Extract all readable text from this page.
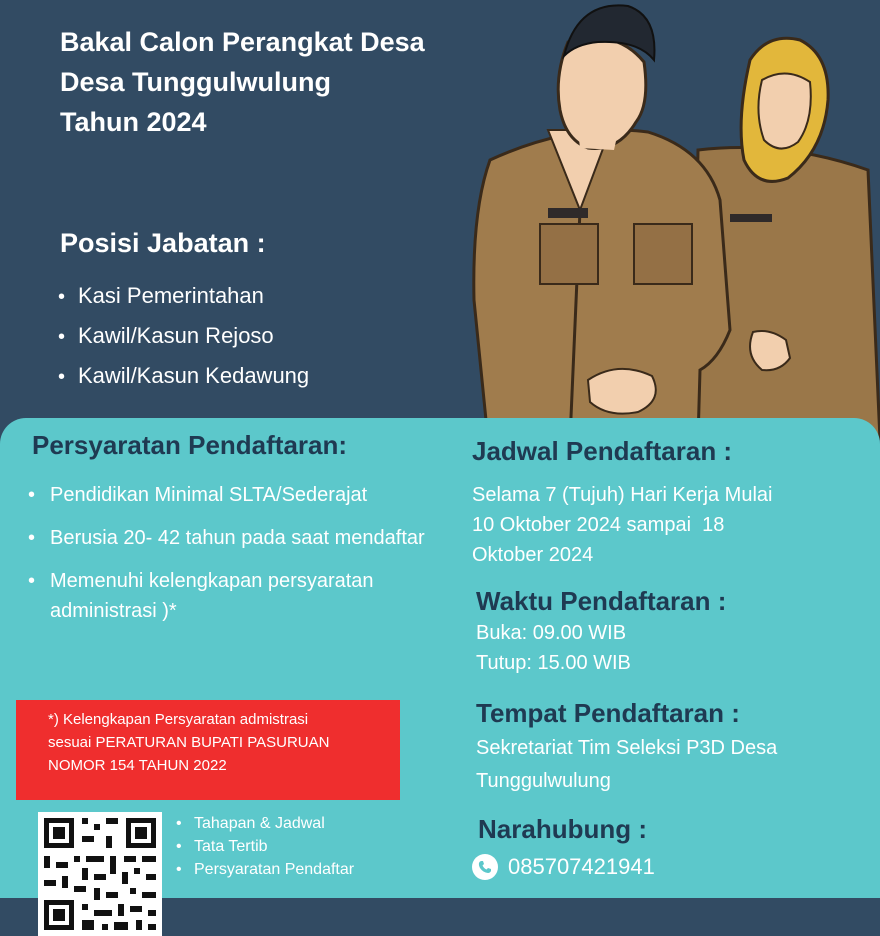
Bakal Calon Perangkat Desa
Desa Tunggulwulung
Tahun 2024
Posisi Jabatan :
• Kasi Pemerintahan
• Kawil/Kasun Rejoso
• Kawil/Kasun Kedawung
Persyaratan Pendaftaran:
• Pendidikan Minimal SLTA/Sederajat
• Berusia 20- 42 tahun pada saat mendaftar
• Memenuhi kelengkapan persyaratan administrasi )*
*) Kelengkapan Persyaratan admistrasi
sesuai PERATURAN BUPATI PASURUAN
NOMOR 154 TAHUN 2022
• Tahapan & Jadwal
• Tata Tertib
• Persyaratan Pendaftar
Jadwal Pendaftaran :
Selama 7 (Tujuh) Hari Kerja Mulai
10 Oktober 2024 sampai  18
Oktober 2024
Waktu Pendaftaran :
Buka: 09.00 WIB
Tutup: 15.00 WIB
Tempat Pendaftaran :
Sekretariat Tim Seleksi P3D Desa
Tunggulwulung
Narahubung :
085707421941
